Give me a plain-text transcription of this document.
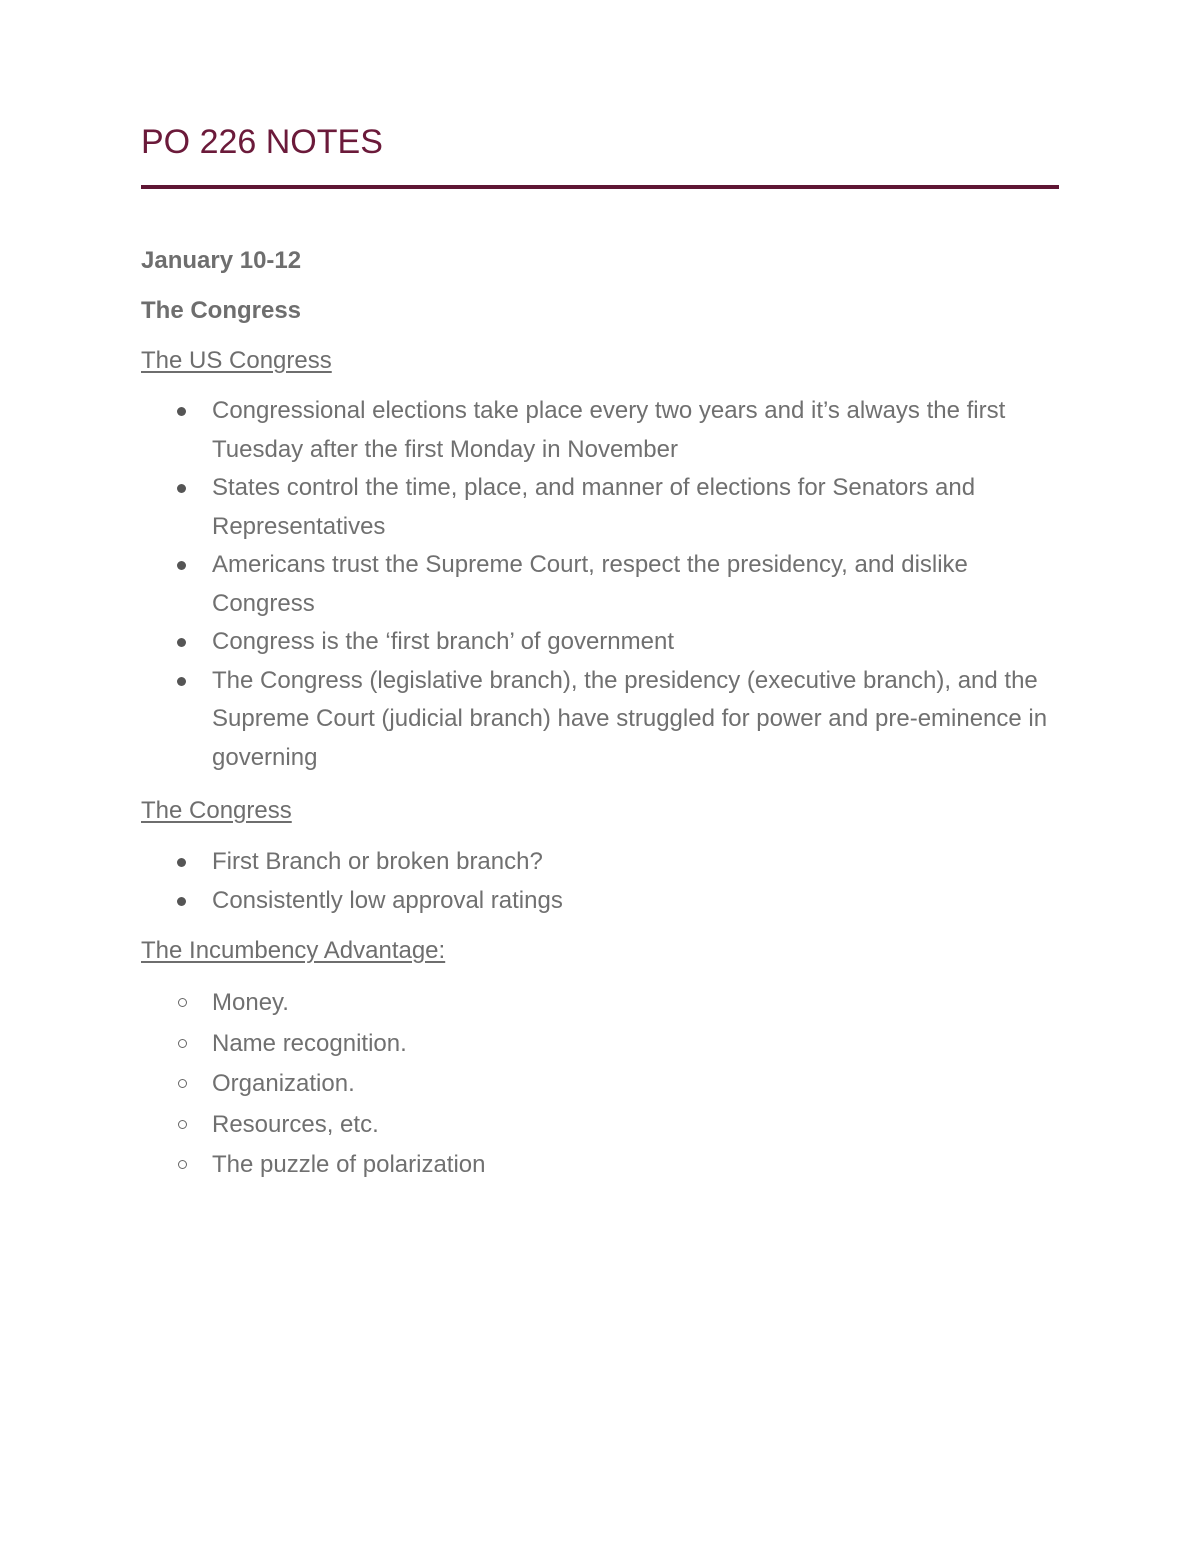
PO 226 NOTES
January 10-12
The Congress
The US Congress
Congressional elections take place every two years and it’s always the first Tuesday after the first Monday in November
States control the time, place, and manner of elections for Senators and Representatives
Americans trust the Supreme Court, respect the presidency, and dislike Congress
Congress is the ‘first branch’ of government
The Congress (legislative branch), the presidency (executive branch), and the Supreme Court (judicial branch) have struggled for power and pre-eminence in governing
The Congress
First Branch or broken branch?
Consistently low approval ratings
The Incumbency Advantage:
Money.
Name recognition.
Organization.
Resources, etc.
The puzzle of polarization
